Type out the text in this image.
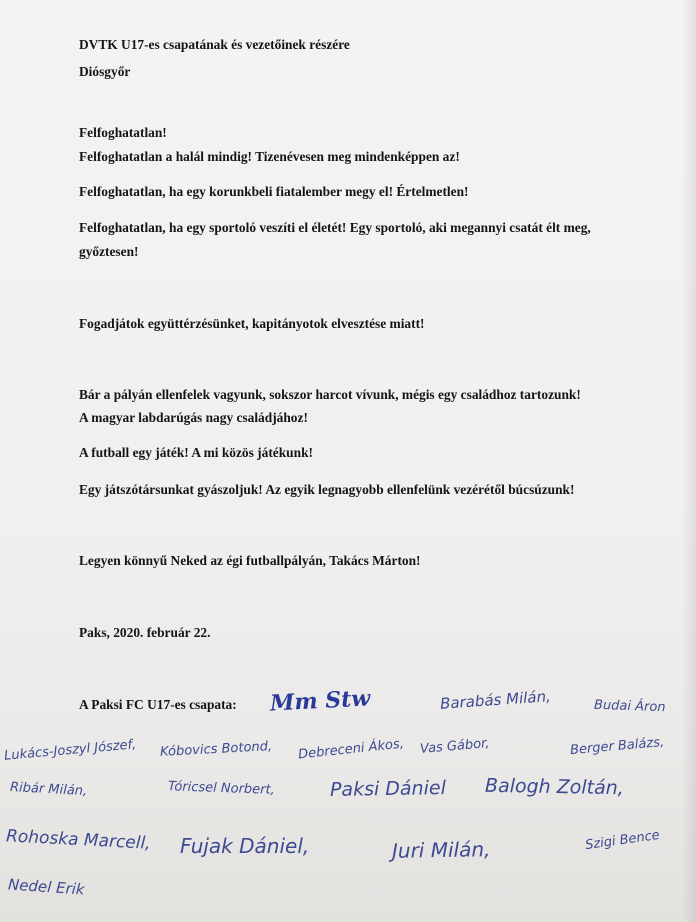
DVTK U17-es csapatának és vezetőinek részére

Diósgyőr

Felfoghatatlan!

Felfoghatatlan a halál mindig! Tizenévesen meg mindenképpen az!

Felfoghatatlan, ha egy korunkbeli fiatalember megy el! Értelmetlen!

Felfoghatatlan, ha egy sportoló veszíti el életét! Egy sportoló, aki megannyi csatát élt meg,

győztesen!

Fogadjátok együttérzésünket, kapitányotok elvesztése miatt!

Bár a pályán ellenfelek vagyunk, sokszor harcot vívunk, mégis egy családhoz tartozunk!

A magyar labdarúgás nagy családjához!

A futball egy játék! A mi közös játékunk!

Egy játszótársunkat gyászoljuk! Az egyik legnagyobb ellenfelünk vezérétől búcsúzunk!

Legyen könnyű Neked az égi futballpályán, Takács Márton!

Paks, 2020. február 22.

A Paksi FC U17-es csapata: Mm Stw	Barabás Milán,	Budai Áron
Lukács-Joszyl Jószef, Kóbovics Botond, Debreceni Ákos, Vas Gábor,	Berger Balázs,
Ribár Milán,	Tóricsel Norbert,	Paksi Dániel Balogh Zoltán,
Rohoska Marcell, Fujak Dániel,	Juri Milán,	Szigi Bence
Nedel Erik
